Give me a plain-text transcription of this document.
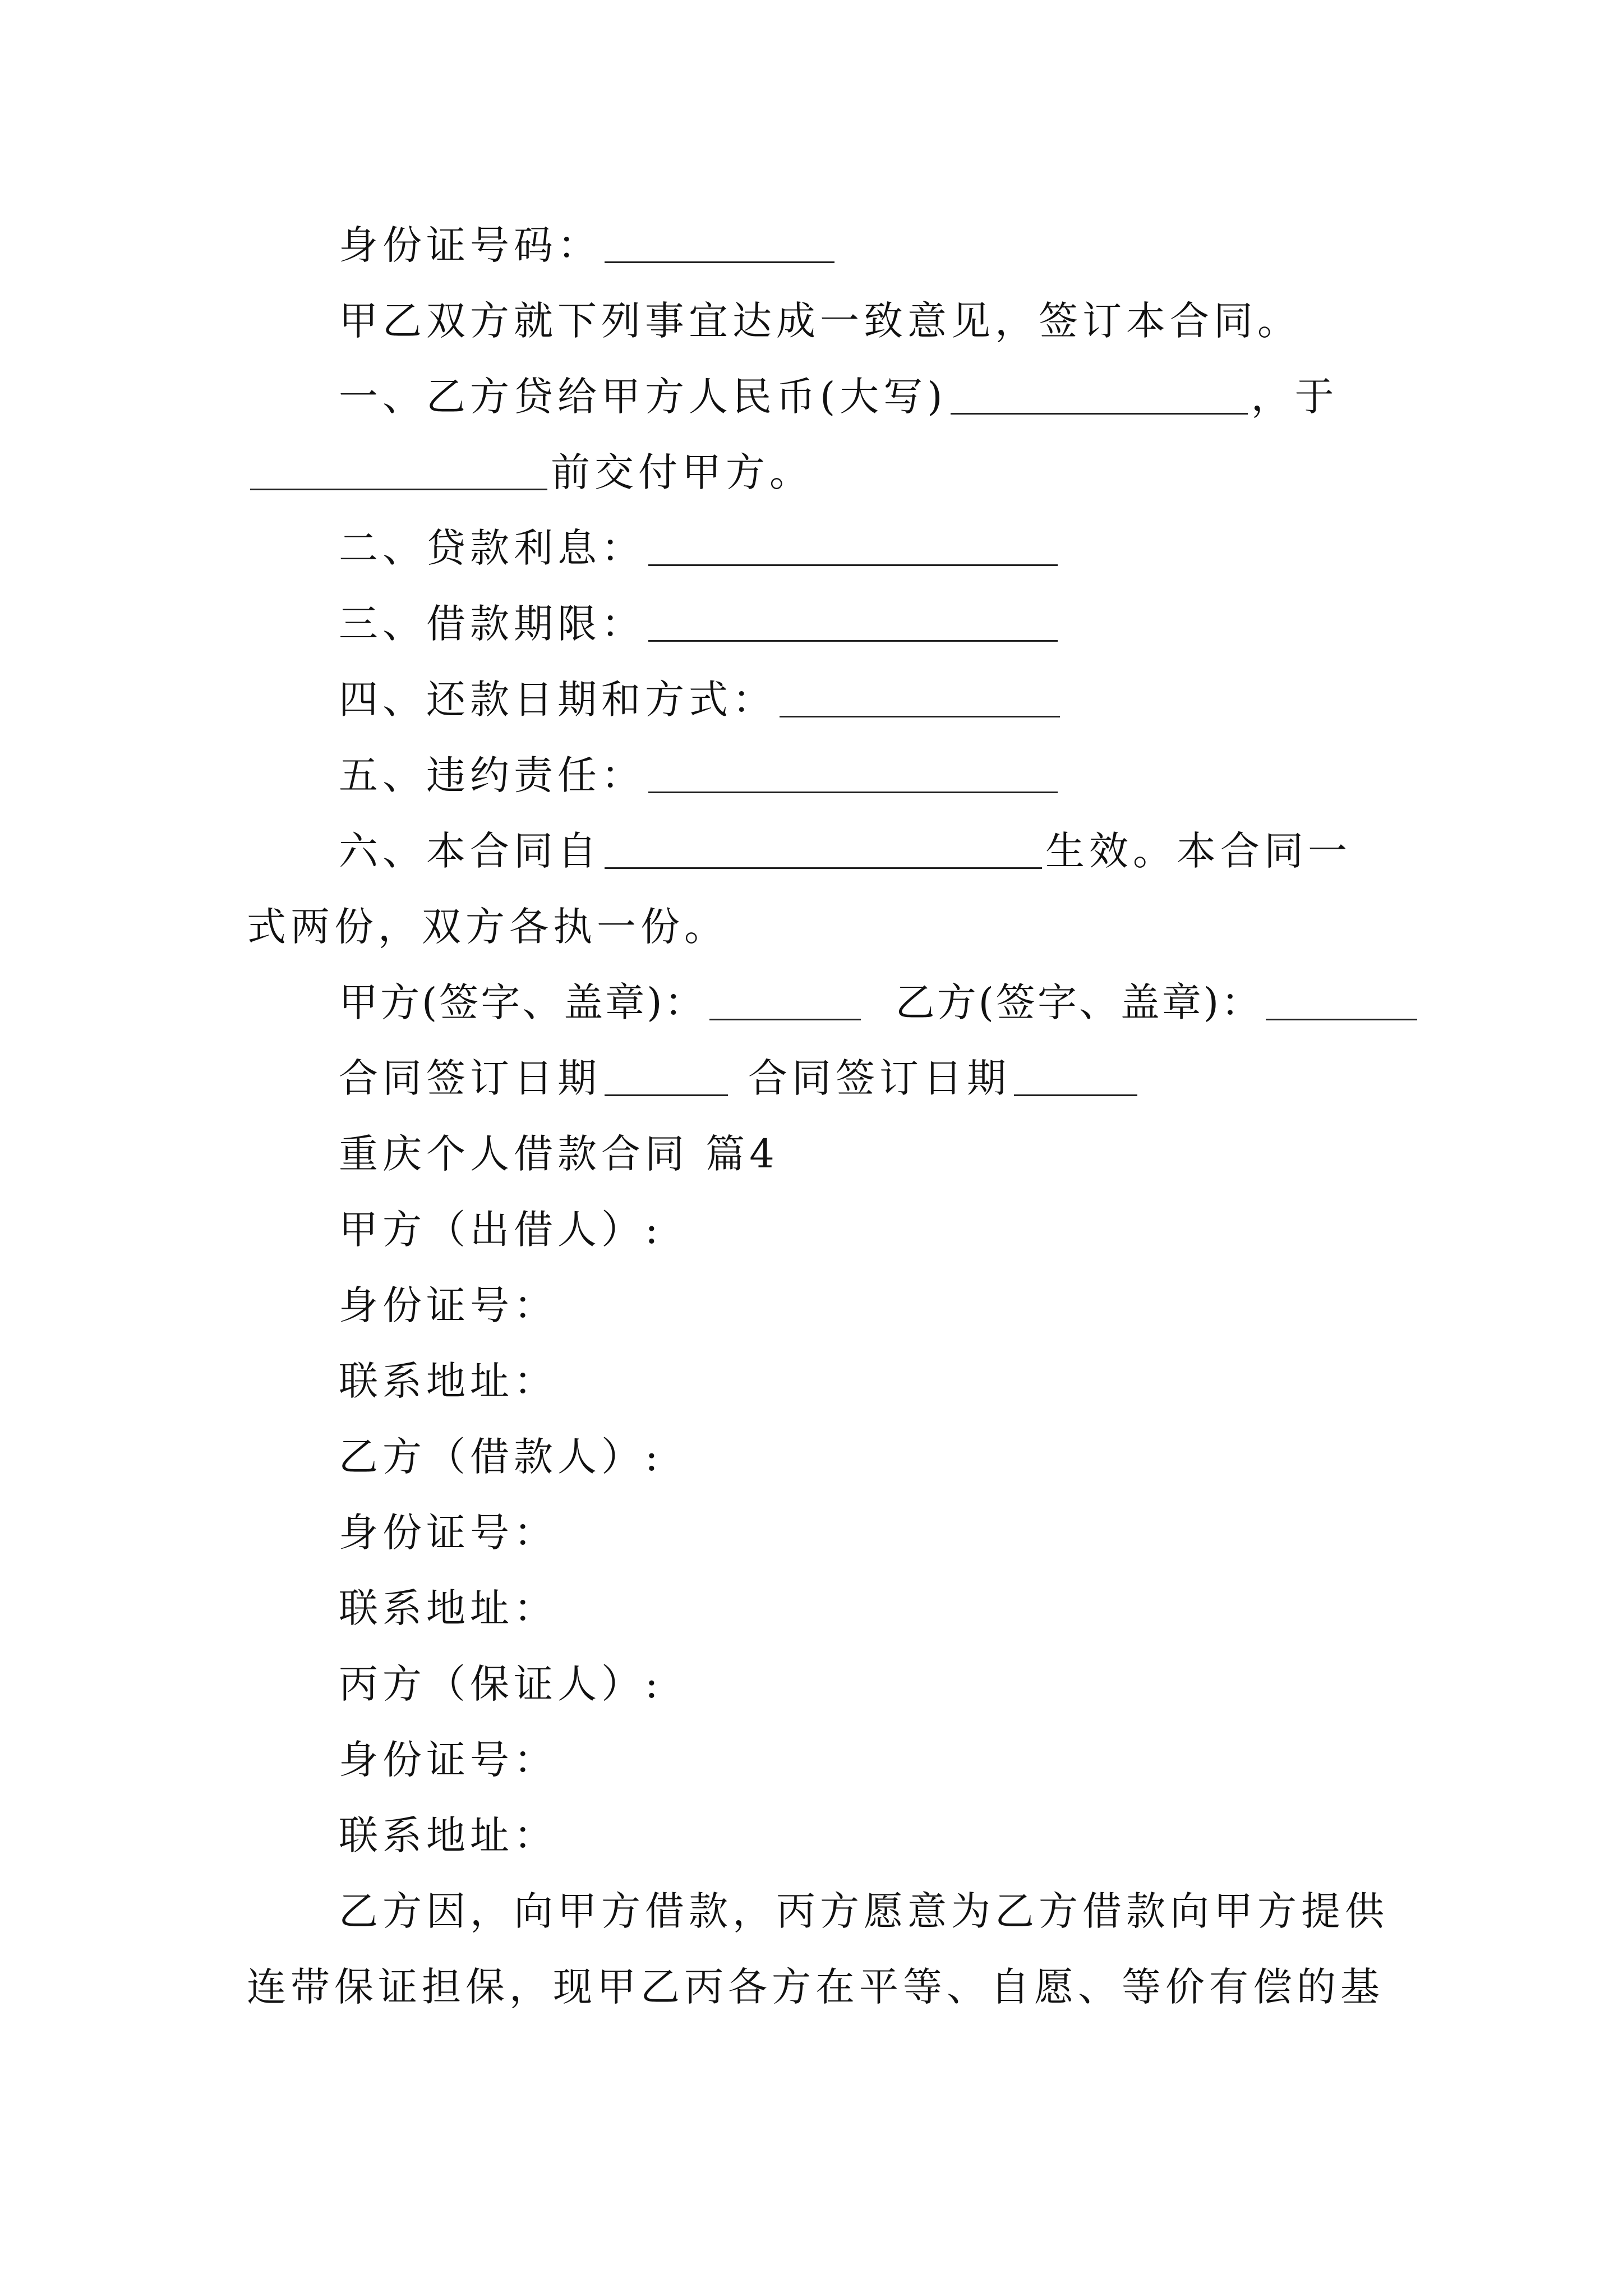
身份证号码：
甲乙双方就下列事宜达成一致意见，签订本合同。
一、乙方贷给甲方人民币(大写)	，于
前交付甲方。
二、贷款利息：
三、借款期限：
四、还款日期和方式：
五、违约责任：
六、本合同自	生效。本合同一
式两份，双方各执一份。
甲方(签字、盖章)：	乙方(签字、盖章)：
合同签订日期	合同签订日期
重庆个人借款合同 篇4
甲方（出借人）:
身份证号：
联系地址：
乙方（借款人）:
身份证号：
联系地址：
丙方（保证人）:
身份证号：
联系地址：
乙方因，向甲方借款，丙方愿意为乙方借款向甲方提供
连带保证担保，现甲乙丙各方在平等、自愿、等价有偿的基
